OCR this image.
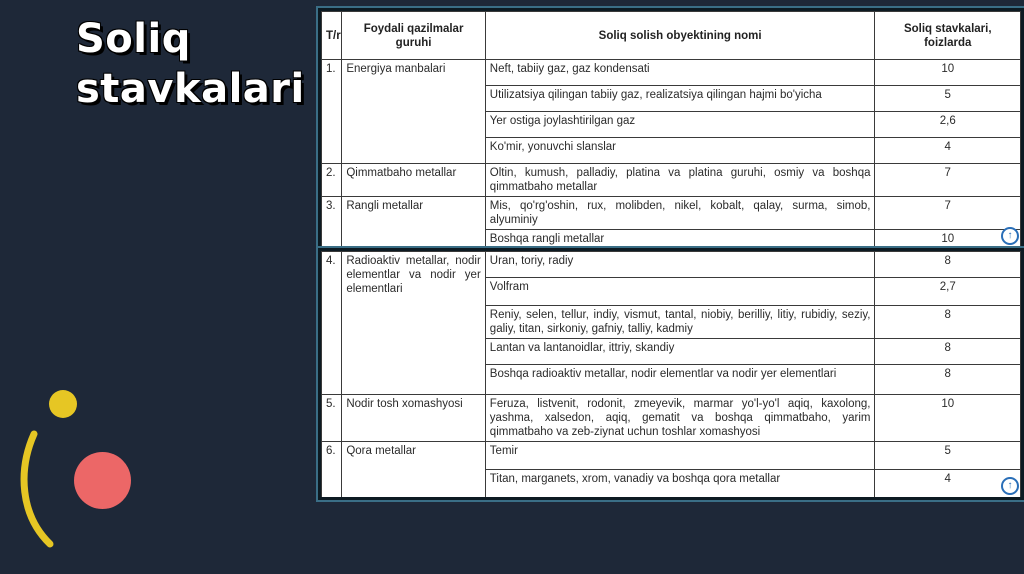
Soliq stavkalari
T/r	Foydali qazilmalar guruhi	Soliq solish obyektining nomi	Soliq stavkalari, foizlarda
1.	Energiya manbalari	Neft, tabiiy gaz, gaz kondensati	10
		Utilizatsiya qilingan tabiiy gaz, realizatsiya qilingan hajmi bo'yicha	5
		Yer ostiga joylashtirilgan gaz	2,6
		Ko'mir, yonuvchi slanslar	4
2.	Qimmatbaho metallar	Oltin, kumush, palladiy, platina va platina guruhi, osmiy va boshqa qimmatbaho metallar	7
3.	Rangli metallar	Mis, qo'rg'oshin, rux, molibden, nikel, kobalt, qalay, surma, simob, alyuminiy	7
		Boshqa rangli metallar	10	↑
4.	Radioaktiv metallar, nodir elementlar va nodir yer elementlari	Uran, toriy, radiy	8
		Volfram	2,7
		Reniy, selen, tellur, indiy, vismut, tantal, niobiy, berilliy, litiy, rubidiy, seziy, galiy, titan, sirkoniy, gafniy, talliy, kadmiy	8
		Lantan va lantanoidlar, ittriy, skandiy	8
		Boshqa radioaktiv metallar, nodir elementlar va nodir yer elementlari	8
5.	Nodir tosh xomashyosi	Feruza, listvenit, rodonit, zmeyevik, marmar yo'l-yo'l aqiq, kaxolong, yashma, xalsedon, aqiq, gematit va boshqa qimmatbaho, yarim qimmatbaho va zeb-ziynat uchun toshlar xomashyosi	10
6.	Qora metallar	Temir	5
		Titan, marganets, xrom, vanadiy va boshqa qora metallar	4
↑
